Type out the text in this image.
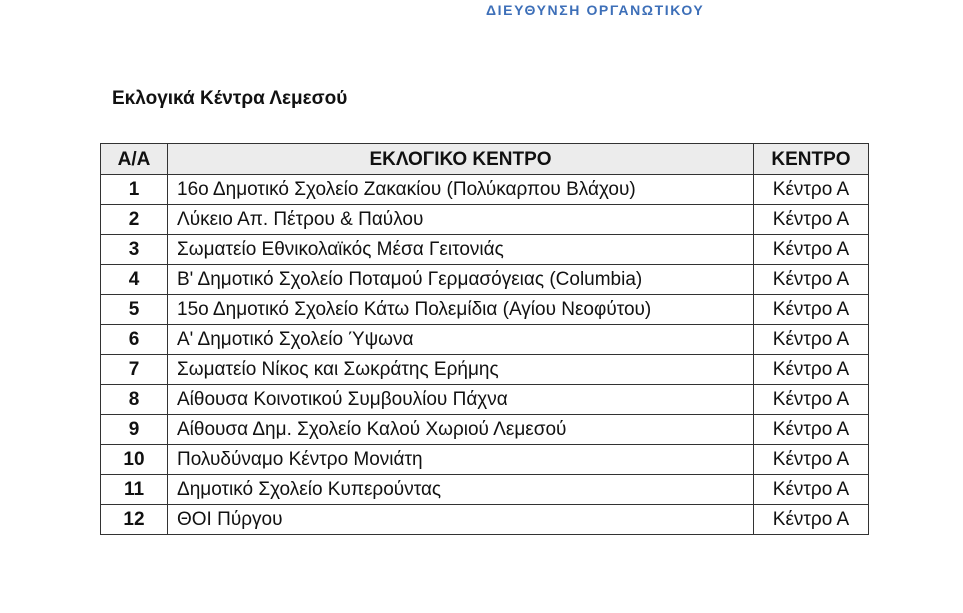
ΔΙΕΥΘΥΝΣΗ ΟΡΓΑΝΩΤΙΚΟΥ
Εκλογικά Κέντρα Λεμεσού
Α/Α	ΕΚΛΟΓΙΚΟ ΚΕΝΤΡΟ	ΚΕΝΤΡΟ
1	16ο Δημοτικό Σχολείο Ζακακίου (Πολύκαρπου Βλάχου)	Κέντρο Α
2	Λύκειο Απ. Πέτρου & Παύλου	Κέντρο Α
3	Σωματείο Εθνικολαϊκός Μέσα Γειτονιάς	Κέντρο Α
4	Β' Δημοτικό Σχολείο Ποταμού Γερμασόγειας (Columbia)	Κέντρο Α
5	15ο Δημοτικό Σχολείο Κάτω Πολεμίδια (Αγίου Νεοφύτου)	Κέντρο Α
6	Α' Δημοτικό Σχολείο Ύψωνα	Κέντρο Α
7	Σωματείο Νίκος και Σωκράτης Ερήμης	Κέντρο Α
8	Αίθουσα Κοινοτικού Συμβουλίου Πάχνα	Κέντρο Α
9	Αίθουσα Δημ. Σχολείο Καλού Χωριού Λεμεσού	Κέντρο Α
10	Πολυδύναμο Κέντρο Μονιάτη	Κέντρο Α
11	Δημοτικό Σχολείο Κυπερούντας	Κέντρο Α
12	ΘΟΙ Πύργου	Κέντρο Α
